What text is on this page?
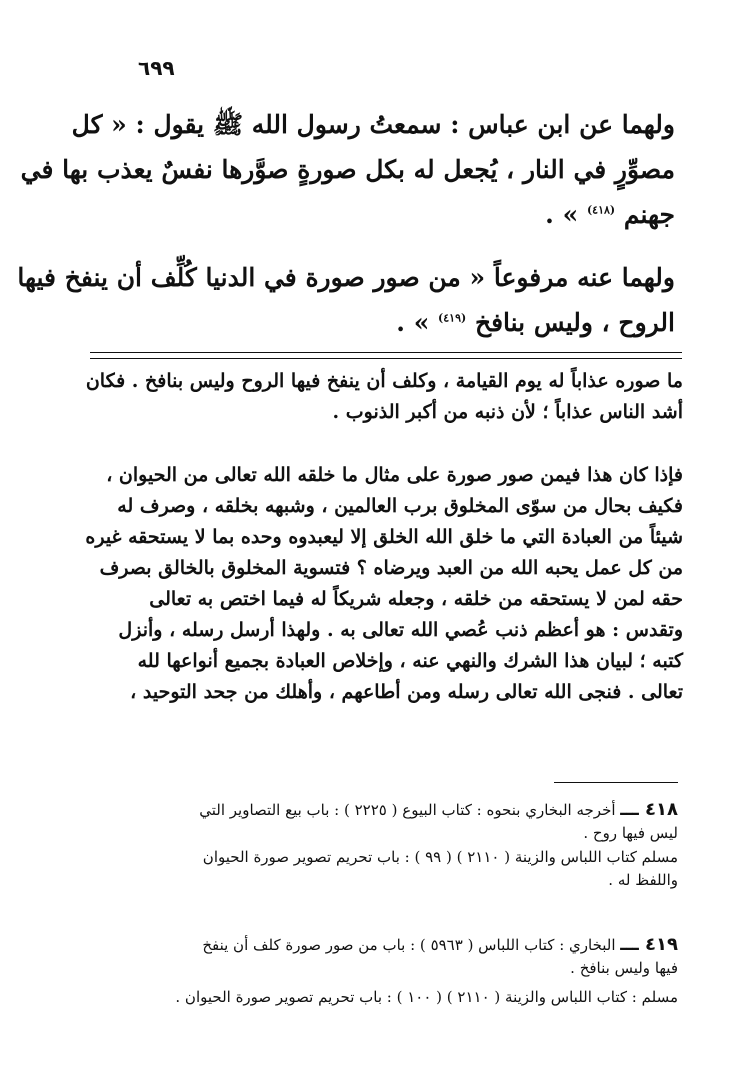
٦٩٩
ولهما عن ابن عباس : سمعتُ رسول الله ﷺ يقول : « كل
مصوِّرٍ في النار ، يُجعل له بكل صورةٍ صوَّرها نفسٌ يعذب بها في
جهنم $^{(٤١٨)}$ » .
ولهما عنه مرفوعاً « من صور صورة في الدنيا كُلِّف أن ينفخ فيها
الروح ، وليس بنافخ $^{(٤١٩)}$ » .
ما صوره عذاباً له يوم القيامة ، وكلف أن ينفخ فيها الروح وليس بنافخ . فكان
أشد الناس عذاباً ؛ لأن ذنبه من أكبر الذنوب .
فإذا كان هذا فيمن صور صورة على مثال ما خلقه الله تعالى من الحيوان ،
فكيف بحال من سوّى المخلوق برب العالمين ، وشبهه بخلقه ، وصرف له
شيئاً من العبادة التي ما خلق الله الخلق إلا ليعبدوه وحده بما لا يستحقه غيره
من كل عمل يحبه الله من العبد ويرضاه ؟ فتسوية المخلوق بالخالق بصرف
حقه لمن لا يستحقه من خلقه ، وجعله شريكاً له فيما اختص به تعالى
وتقدس : هو أعظم ذنب عُصي الله تعالى به . ولهذا أرسل رسله ، وأنزل
كتبه ؛ لبيان هذا الشرك والنهي عنه ، وإخلاص العبادة بجميع أنواعها لله
تعالى . فنجى الله تعالى رسله ومن أطاعهم ، وأهلك من جحد التوحيد ،
٤١٨ ـــ أخرجه البخاري بنحوه : كتاب البيوع ( ٢٢٢٥ ) : باب بيع التصاوير التي
ليس فيها روح .
مسلم كتاب اللباس والزينة ( ٢١١٠ ) ( ٩٩ ) : باب تحريم تصوير صورة الحيوان
واللفظ له .
٤١٩ ـــ البخاري : كتاب اللباس ( ٥٩٦٣ ) : باب من صور صورة كلف أن ينفخ
فيها وليس بنافخ .
مسلم : كتاب اللباس والزينة ( ٢١١٠ ) ( ١٠٠ ) : باب تحريم تصوير صورة الحيوان .
